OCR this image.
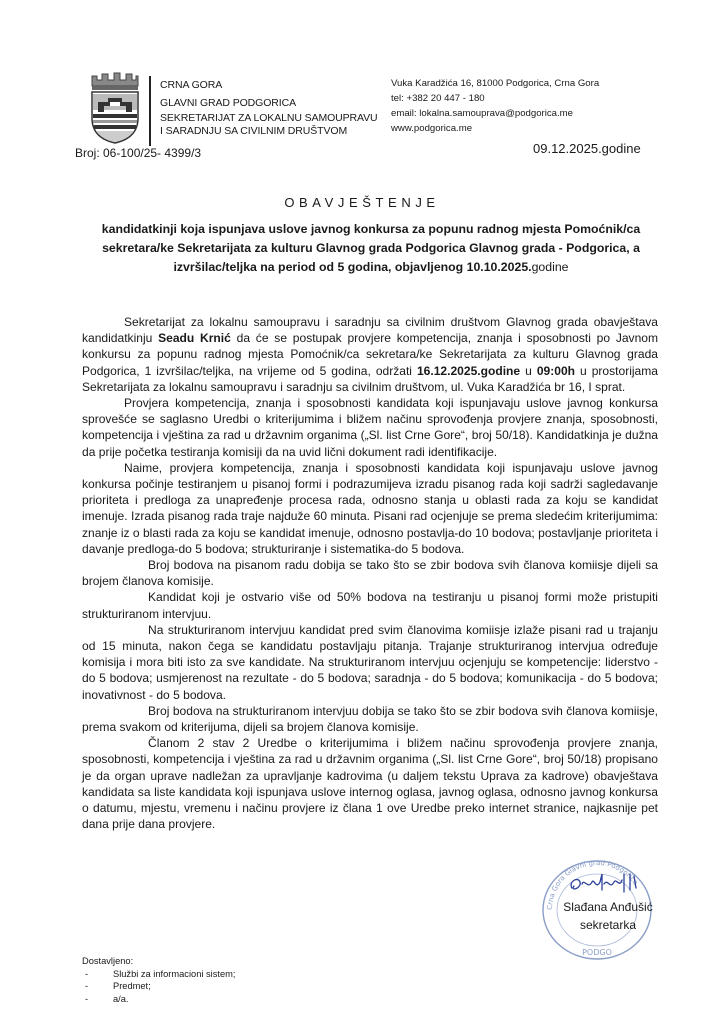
CRNA GORA
GLAVNI GRAD PODGORICA
SEKRETARIJAT ZA LOKALNU SAMOUPRAVU
I SARADNJU SA CIVILNIM DRUŠTVOM
Broj: 06-100/25- 4399/3
Vuka Karadžića 16, 81000 Podgorica, Crna Gora
tel: +382 20 447 - 180
email: lokalna.samouprava@podgorica.me
www.podgorica.me
09.12.2025.godine
OBAVJEŠTENJE
kandidatkinji koja ispunjava uslove javnog konkursa za popunu radnog mjesta Pomoćnik/ca sekretara/ke Sekretarijata za kulturu Glavnog grada Podgorica Glavnog grada - Podgorica, a izvršilac/teljka na period od 5 godina, objavljenog 10.10.2025.godine

Sekretarijat za lokalnu samoupravu i saradnju sa civilnim društvom Glavnog grada obavještava kandidatkinju Seadu Krnić da će se postupak provjere kompetencija, znanja i sposobnosti po Javnom konkursu za popunu radnog mjesta Pomoćnik/ca sekretara/ke Sekretarijata za kulturu Glavnog grada Podgorica, 1 izvršilac/teljka, na vrijeme od 5 godina, održati 16.12.2025.godine u 09:00h u prostorijama Sekretarijata za lokalnu samoupravu i saradnju sa civilnim društvom, ul. Vuka Karadžića br 16, I sprat.

Provjera kompetencija, znanja i sposobnosti kandidata koji ispunjavaju uslove javnog konkursa sprovešće se saglasno Uredbi o kriterijumima i bližem načinu sprovođenja provjere znanja, sposobnosti, kompetencija i vještina za rad u državnim organima („Sl. list Crne Gore“, broj 50/18). Kandidatkinja je dužna da prije početka testiranja komisiji da na uvid lični dokument radi identifikacije.

Naime, provjera kompetencija, znanja i sposobnosti kandidata koji ispunjavaju uslove javnog konkursa počinje testiranjem u pisanoj formi i podrazumijeva izradu pisanog rada koji sadrži sagledavanje prioriteta i predloga za unapređenje procesa rada, odnosno stanja u oblasti rada za koju se kandidat imenuje. Izrada pisanog rada traje najduže 60 minuta. Pisani rad ocjenjuje se prema sledećim kriterijumima: znanje iz o blasti rada za koju se kandidat imenuje, odnosno postavlja-do 10 bodova; postavljanje prioriteta i davanje predloga-do 5 bodova; strukturiranje i sistematika-do 5 bodova.

Broj bodova na pisanom radu dobija se tako što se zbir bodova svih članova komiisje dijeli sa brojem članova komisije.

Kandidat koji je ostvario više od 50% bodova na testiranju u pisanoj formi može pristupiti strukturiranom intervjuu.

Na strukturiranom intervjuu kandidat pred svim članovima komiisje izlaže pisani rad u trajanju od 15 minuta, nakon čega se kandidatu postavljaju pitanja. Trajanje strukturiranog intervjua određuje komisija i mora biti isto za sve kandidate. Na strukturiranom intervjuu ocjenjuju se kompetencije: liderstvo - do 5 bodova; usmjerenost na rezultate - do 5 bodova; saradnja - do 5 bodova; komunikacija - do 5 bodova; inovativnost - do 5 bodova.

Broj bodova na strukturiranom intervjuu dobija se tako što se zbir bodova svih članova komiisje, prema svakom od kriterijuma, dijeli sa brojem članova komisije.

Članom 2 stav 2 Uredbe o kriterijumima i bližem načinu sprovođenja provjere znanja, sposobnosti, kompetencija i vještina za rad u državnim organima („Sl. list Crne Gore“, broj 50/18) propisano je da organ uprave nadležan za upravljanje kadrovima (u daljem tekstu Uprava za kadrove) obavještava kandidata sa liste kandidata koji ispunjava uslove internog oglasa, javnog oglasa, odnosno javnog konkursa o datumu, mjestu, vremenu i načinu provjere iz člana 1 ove Uredbe preko internet stranice, najkasnije pet dana prije dana provjere.

Crna Gora Glavni grad Podgorica
PODGO
Slađana Anđušić
sekretarka
Dostavljeno:
-	Službi za informacioni sistem;
-	Predmet;
-	a/a.
